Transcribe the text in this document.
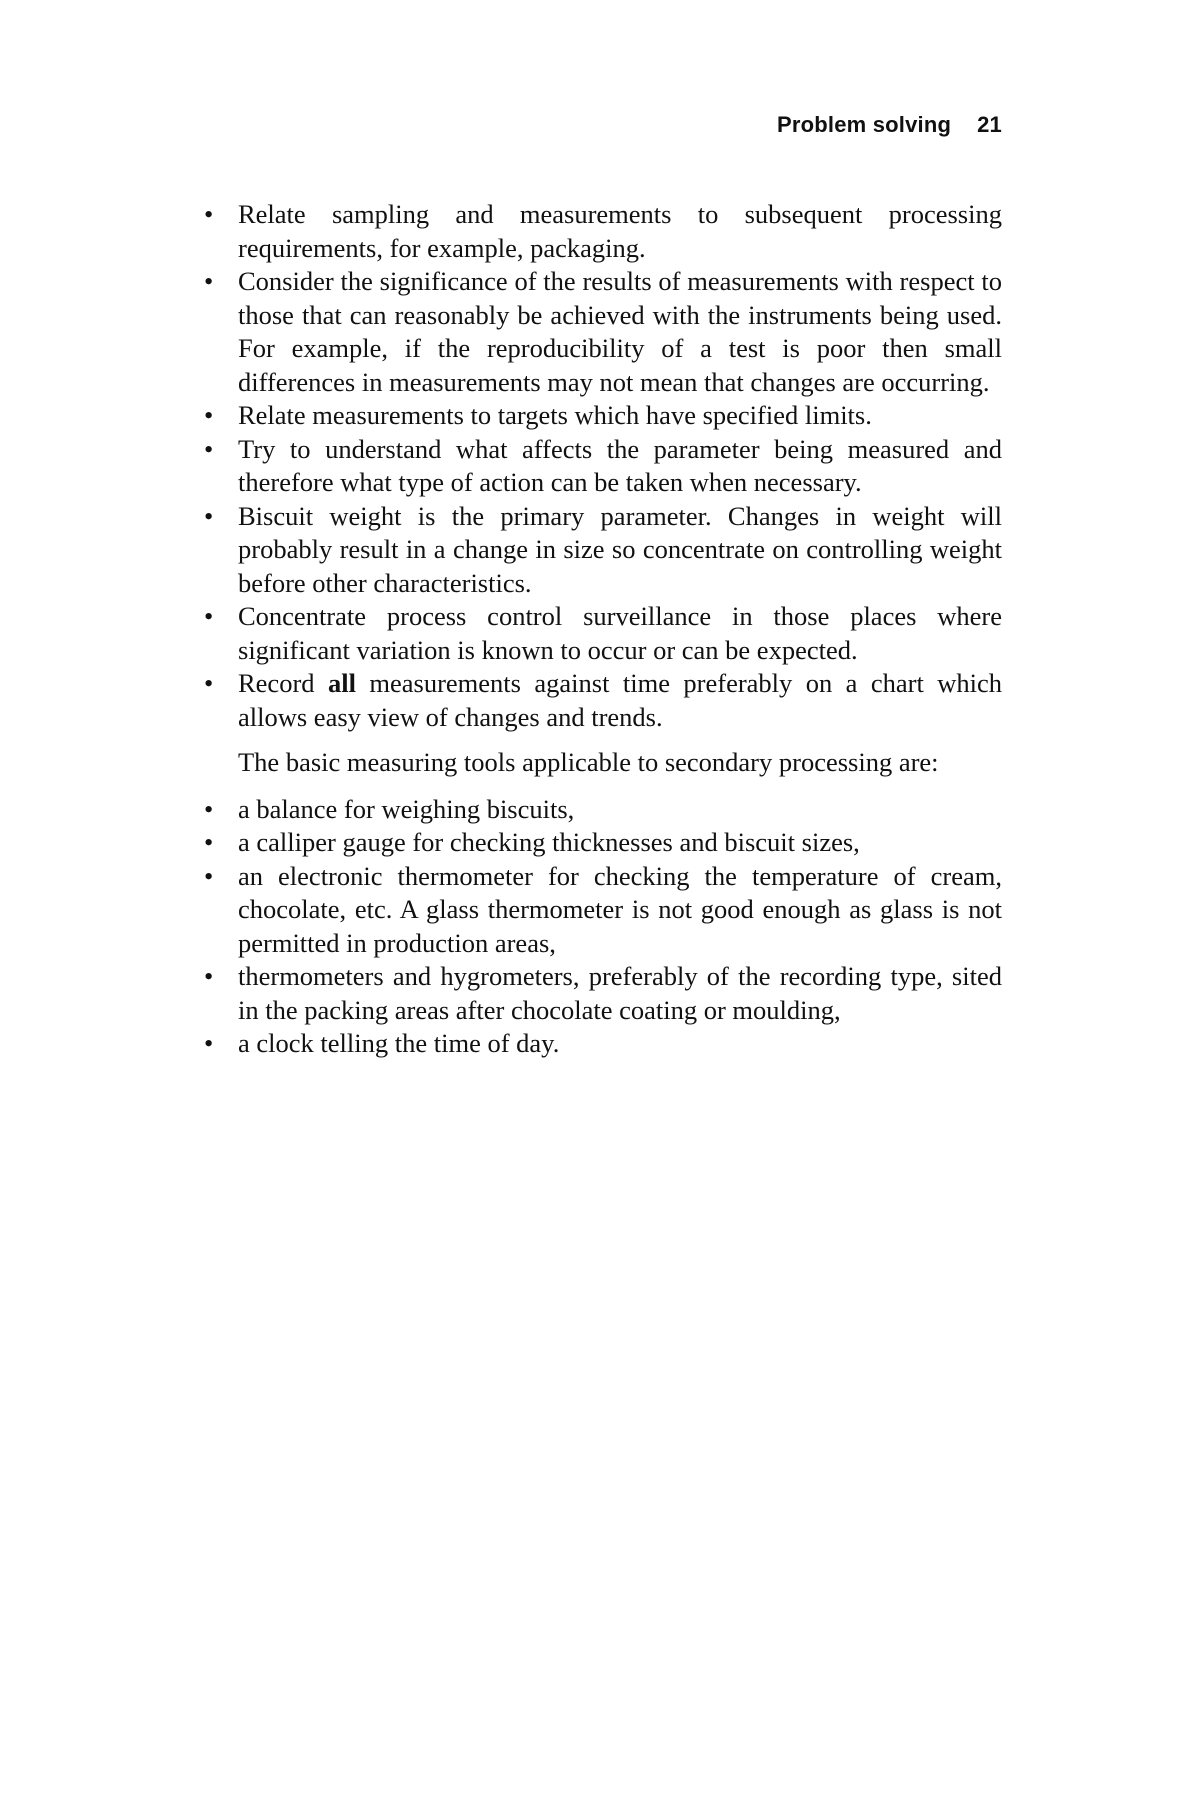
Problem solving 21
• Relate sampling and measurements to subsequent processing requirements, for example, packaging.
• Consider the significance of the results of measurements with respect to those that can reasonably be achieved with the instruments being used. For example, if the reproducibility of a test is poor then small differences in measurements may not mean that changes are occurring.
• Relate measurements to targets which have specified limits.
• Try to understand what affects the parameter being measured and therefore what type of action can be taken when necessary.
• Biscuit weight is the primary parameter. Changes in weight will probably result in a change in size so concentrate on controlling weight before other characteristics.
• Concentrate process control surveillance in those places where significant variation is known to occur or can be expected.
• Record all measurements against time preferably on a chart which allows easy view of changes and trends.

The basic measuring tools applicable to secondary processing are:

• a balance for weighing biscuits,
• a calliper gauge for checking thicknesses and biscuit sizes,
• an electronic thermometer for checking the temperature of cream, chocolate, etc. A glass thermometer is not good enough as glass is not permitted in production areas,
• thermometers and hygrometers, preferably of the recording type, sited in the packing areas after chocolate coating or moulding,
• a clock telling the time of day.
